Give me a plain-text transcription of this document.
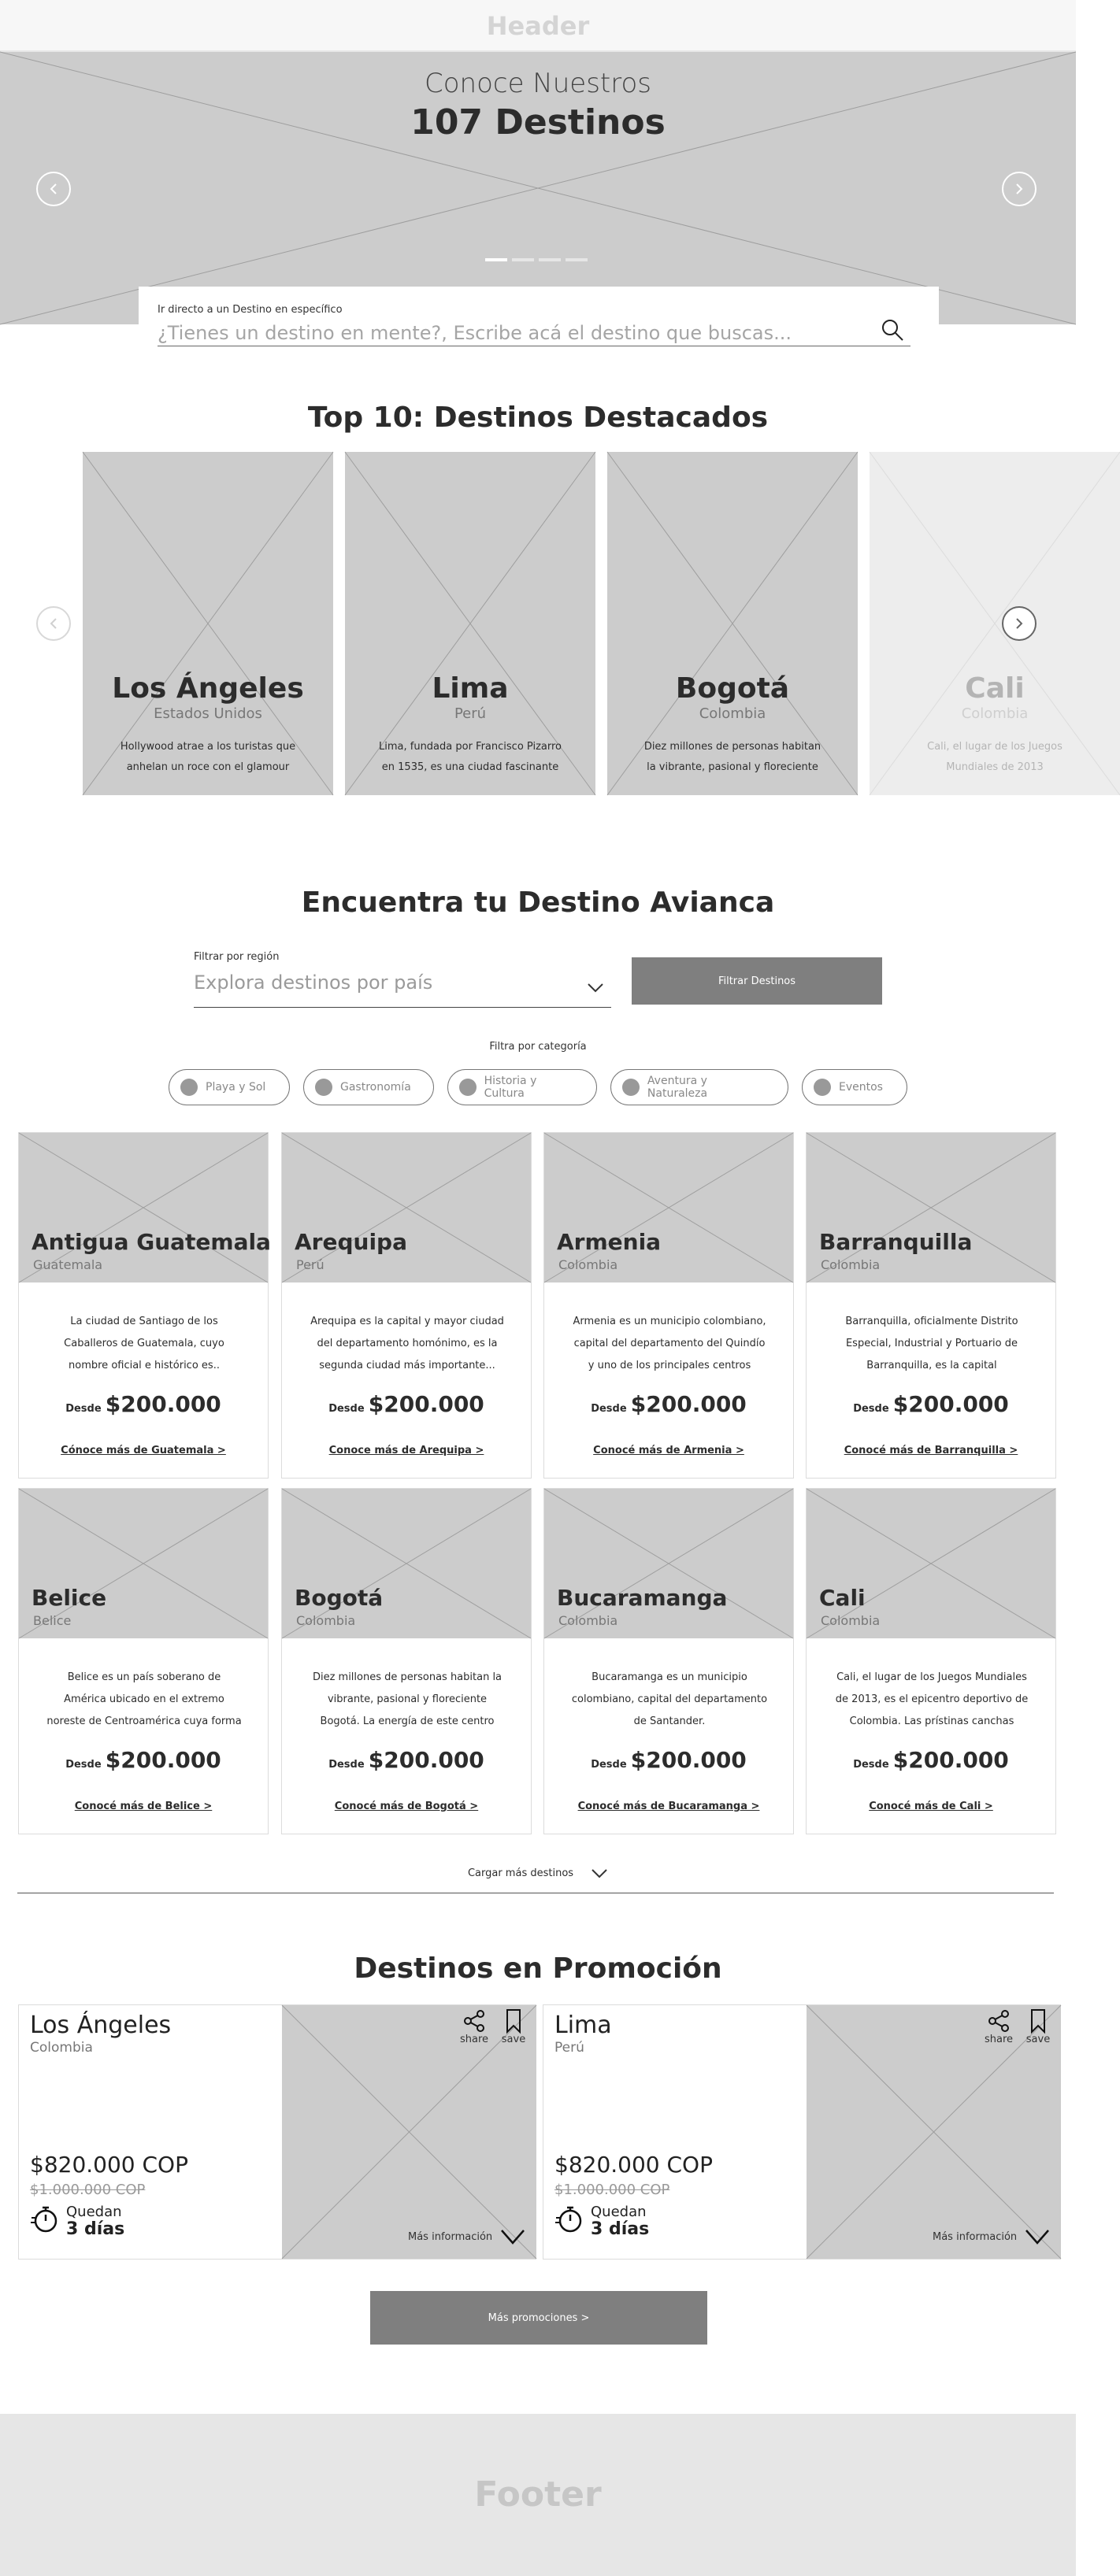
Header
Conoce Nuestros
107 Destinos
Ir directo a un Destino en específico
¿Tienes un destino en mente?, Escribe acá el destino que buscas...
Top 10: Destinos Destacados
Los Ángeles
Estados Unidos
Hollywood atrae a los turistas que anhelan un roce con el glamour
Lima
Perú
Lima, fundada por Francisco Pizarro en 1535, es una ciudad fascinante
Bogotá
Colombia
Diez millones de personas habitan la vibrante, pasional y floreciente
Cali
Colombia
Cali, el lugar de los Juegos Mundiales de 2013
Encuentra tu Destino Avianca
Filtrar por región
Explora destinos por país	Filtrar Destinos
Filtra por categoría
Playa y Sol	Gastronomía	Historia y Cultura
Aventura y Naturaleza	Eventos
Antigua Guatemala
Guatemala
La ciudad de Santiago de los Caballeros de Guatemala, cuyo nombre oficial e histórico es..
Desde $200.000
Cónoce más de Guatemala >
Arequipa
Perú
Arequipa es la capital y mayor ciudad del departamento homónimo, es la segunda ciudad más importante...
Desde $200.000
Conoce más de Arequipa >
Armenia
Colombia
Armenia es un municipio colombiano, capital del departamento del Quindío y uno de los principales centros
Desde $200.000
Conocé más de Armenia >
Barranquilla
Colombia
Barranquilla, oficialmente Distrito Especial, Industrial y Portuario de Barranquilla, es la capital
Desde $200.000
Conocé más de Barranquilla >
Belice
Belice
Belice es un país soberano de América ubicado en el extremo noreste de Centroamérica cuya forma
Desde $200.000
Conocé más de Belice >
Bogotá
Colombia
Diez millones de personas habitan la vibrante, pasional y floreciente Bogotá. La energía de este centro
Desde $200.000
Conocé más de Bogotá >
Bucaramanga
Colombia
Bucaramanga es un municipio colombiano, capital del departamento de Santander.
Desde $200.000
Conocé más de Bucaramanga >
Cali
Colombia
Cali, el lugar de los Juegos Mundiales de 2013, es el epicentro deportivo de Colombia. Las prístinas canchas
Desde $200.000
Conocé más de Cali >
Cargar más destinos
Destinos en Promoción
Los Ángeles
Colombia
$820.000 COP
$1.000.000 COP
Quedan
3 días
share	save
Más información
Lima
Perú
$820.000 COP
$1.000.000 COP
Quedan
3 días
share	save
Más información
Más promociones >
Footer
